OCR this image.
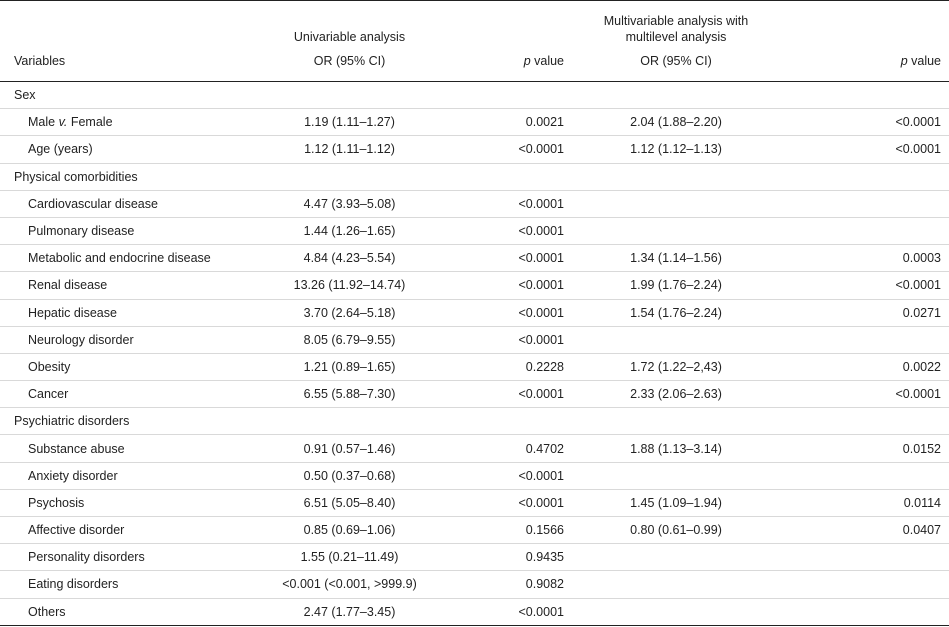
	Univariable analysis		Multivariable analysis with
multilevel analysis	

Variables	OR (95% CI)	p value	OR (95% CI)	p value
Sex				
Male v. Female	1.19 (1.11–1.27)	0.0021	2.04 (1.88–2.20)	<0.0001
Age (years)	1.12 (1.11–1.12)	<0.0001	1.12 (1.12–1.13)	<0.0001
Physical comorbidities				
Cardiovascular disease	4.47 (3.93–5.08)	<0.0001		
Pulmonary disease	1.44 (1.26–1.65)	<0.0001		
Metabolic and endocrine disease	4.84 (4.23–5.54)	<0.0001	1.34 (1.14–1.56)	0.0003
Renal disease	13.26 (11.92–14.74)	<0.0001	1.99 (1.76–2.24)	<0.0001
Hepatic disease	3.70 (2.64–5.18)	<0.0001	1.54 (1.76–2.24)	0.0271
Neurology disorder	8.05 (6.79–9.55)	<0.0001		
Obesity	1.21 (0.89–1.65)	0.2228	1.72 (1.22–2,43)	0.0022
Cancer	6.55 (5.88–7.30)	<0.0001	2.33 (2.06–2.63)	<0.0001
Psychiatric disorders				
Substance abuse	0.91 (0.57–1.46)	0.4702	1.88 (1.13–3.14)	0.0152
Anxiety disorder	0.50 (0.37–0.68)	<0.0001		
Psychosis	6.51 (5.05–8.40)	<0.0001	1.45 (1.09–1.94)	0.0114
Affective disorder	0.85 (0.69–1.06)	0.1566	0.80 (0.61–0.99)	0.0407
Personality disorders	1.55 (0.21–11.49)	0.9435		
Eating disorders	<0.001 (<0.001, >999.9)	0.9082		
Others	2.47 (1.77–3.45)	<0.0001		
